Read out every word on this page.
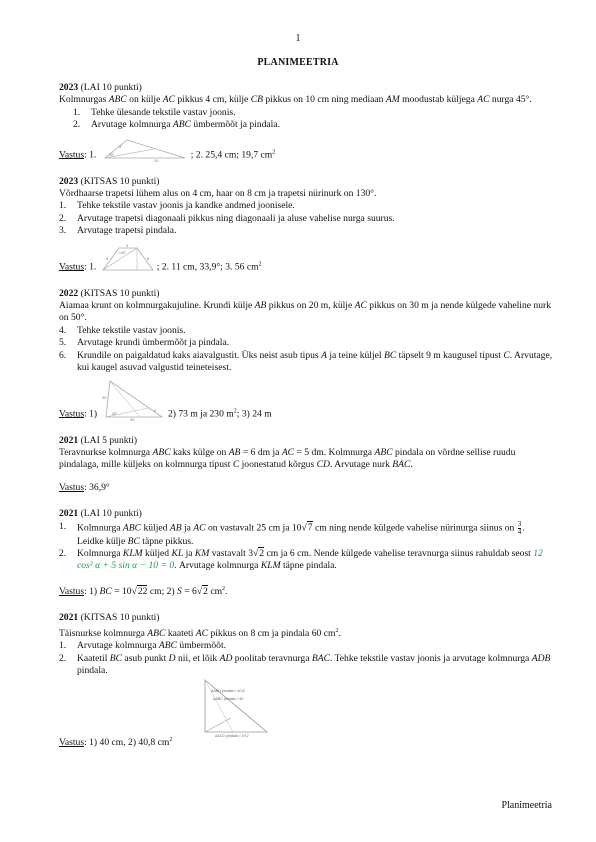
1
PLANIMEETRIA

2023 (LAI 10 punkti)

Kolmnurgas ABC on külje AC pikkus 4 cm, külje CB pikkus on 10 cm ning mediaan AM moodustab küljega AC nurga 45°.

1. Tehke ülesande tekstile vastav joonis.
2. Arvutage kolmnurga ABC ümbermõõt ja pindala.

Vastus: 1.
4
10
45°	; 2. 25,4 cm; 19,7 $cm^2$

2023 (KITSAS 10 punkti)

Võrdhaarse trapetsi lühem alus on 4 cm, haar on 8 cm ja trapetsi nürinurk on 130°.

1. Tehke tekstile vastav joonis ja kandke andmed joonisele.
2. Arvutage trapetsi diagonaali pikkus ning diagonaali ja aluse vahelise nurga suurus.
3. Arvutage trapetsi pindala.

Vastus: 1.
4
8	8
130°
; 2. 11 cm, 33,9°; 3. 56 $cm^2$

2022 (KITSAS 10 punkti)

Aiamaa krunt on kolmnurgakujuline. Krundi külje AB pikkus on 20 m, külje AC pikkus on 30 m ja nende külgede vaheline nurk on 50°.

4. Tehke tekstile vastav joonis.
5. Arvutage krundi ümbermõõt ja pindala.
6. Krundile on paigaldatud kaks aiavalgustit. Üks neist asub tipus A ja teine küljel BC täpselt 9 m kaugusel tipust C. Arvutage, kui kaugel asuvad valgustid teineteisest.

Vastus: 1)
20
30
50°
9 2) 73 m ja 230 $m^2$; 3) 24 m

2021 (LAI 5 punkti)

Teravnurkse kolmnurga ABC kaks külge on AB = 6 dm ja AC = 5 dm. Kolmnurga ABC pindala on võrdne sellise ruudu pindalaga, mille küljeks on kolmnurga tipust C joonestatud kõrgus CD. Arvutage nurk BAC.

Vastus: 36,9°

2021 (LAI 10 punkti)

1. Kolmnurga ABC küljed AB ja AC on vastavalt 25 cm ja 10√7 cm ning nende külgede vahelise nürinurga siinus on $\frac{3}{4}$ . Leidke külje BC täpne pikkus.
2. Kolmnurga KLM küljed KL ja KM vastavalt 3√2 cm ja 6 cm. Nende külgede vahelise teravnurga siinus rahuldab seost 12 cos² α + 5 sin α − 10 = 0. Arvutage kolmnurga KLM täpne pindala.

Vastus: 1) BC = 10√22 cm; 2) S = 6√2 $cm^2$.

2021 (KITSAS 10 punkti)

Täisnurkse kolmnurga ABC kaateti AC pikkus on 8 cm ja pindala 60 $cm^2$.

1. Arvutage kolmnurga ABC ümbermõõt.
2. Kaatetil BC asub punkt D nii, et lõik AD poolitab teravnurga BAC. Tehke tekstile vastav joonis ja arvutage kolmnurga ADB pindala.
ΔABD pindala = 40,8
ΔABC pindala = 60
ΔACD pindala = 19,2

Vastus: 1) 40 cm, 2) 40,8 $cm^2$

Planimeetria
